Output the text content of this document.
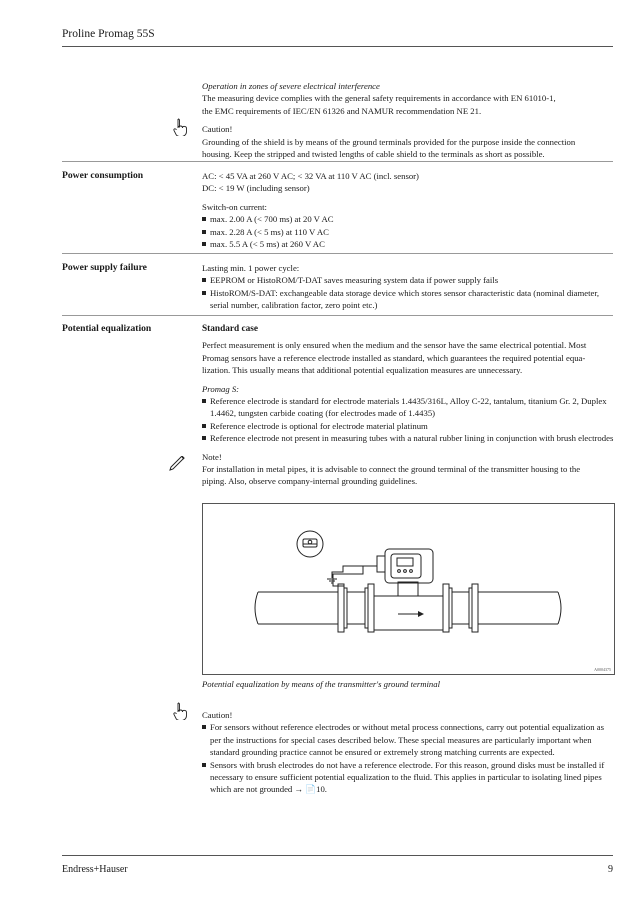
Proline Promag 55S

Operation in zones of severe electrical interference

The measuring device complies with the general safety requirements in accordance with EN 61010-1,

the EMC requirements of IEC/EN 61326 and NAMUR recommendation NE 21.

Caution!

Grounding of the shield is by means of the ground terminals provided for the purpose inside the connection

housing. Keep the stripped and twisted lengths of cable shield to the terminals as short as possible.

Power consumption	AC: < 45 VA at 260 V AC; < 32 VA at 110 V AC (incl. sensor)

DC: < 19 W (including sensor)

Switch-on current:

max. 2.00 A (< 700 ms) at 20 V AC
max. 2.28 A (< 5 ms) at 110 V AC
max. 5.5 A (< 5 ms) at 260 V AC
Power supply failure	Lasting min. 1 power cycle:

EEPROM or HistoROM/T-DAT saves measuring system data if power supply fails
HistoROM/S-DAT: exchangeable data storage device which stores sensor characteristic data (nominal diameter, serial number, calibration factor, zero point etc.)
Potential equalization	Standard case

Perfect measurement is only ensured when the medium and the sensor have the same electrical potential. Most

Promag sensors have a reference electrode installed as standard, which guarantees the required potential equa-

lization. This usually means that additional potential equalization measures are unnecessary.

Promag S:

Reference electrode is standard for electrode materials 1.4435/316L, Alloy C-22, tantalum, titanium Gr. 2, Duplex 1.4462, tungsten carbide coating (for electrodes made of 1.4435)
Reference electrode is optional for electrode material platinum
Reference electrode not present in measuring tubes with a natural rubber lining in conjunction with brush electrodes

Note!

For installation in metal pipes, it is advisable to connect the ground terminal of the transmitter housing to the

piping. Also, observe company-internal grounding guidelines.

A0004375
Potential equalization by means of the transmitter's ground terminal

Caution!

For sensors without reference electrodes or without metal process connections, carry out potential equalization as per the instructions for special cases described below. These special measures are particularly important when standard grounding practice cannot be ensured or extremely strong matching currents are expected.
Sensors with brush electrodes do not have a reference electrode. For this reason, ground disks must be installed if necessary to ensure sufficient potential equalization to the fluid. This applies in particular to isolating lined pipes which are not grounded → 📄10.
Endress+Hauser	9
